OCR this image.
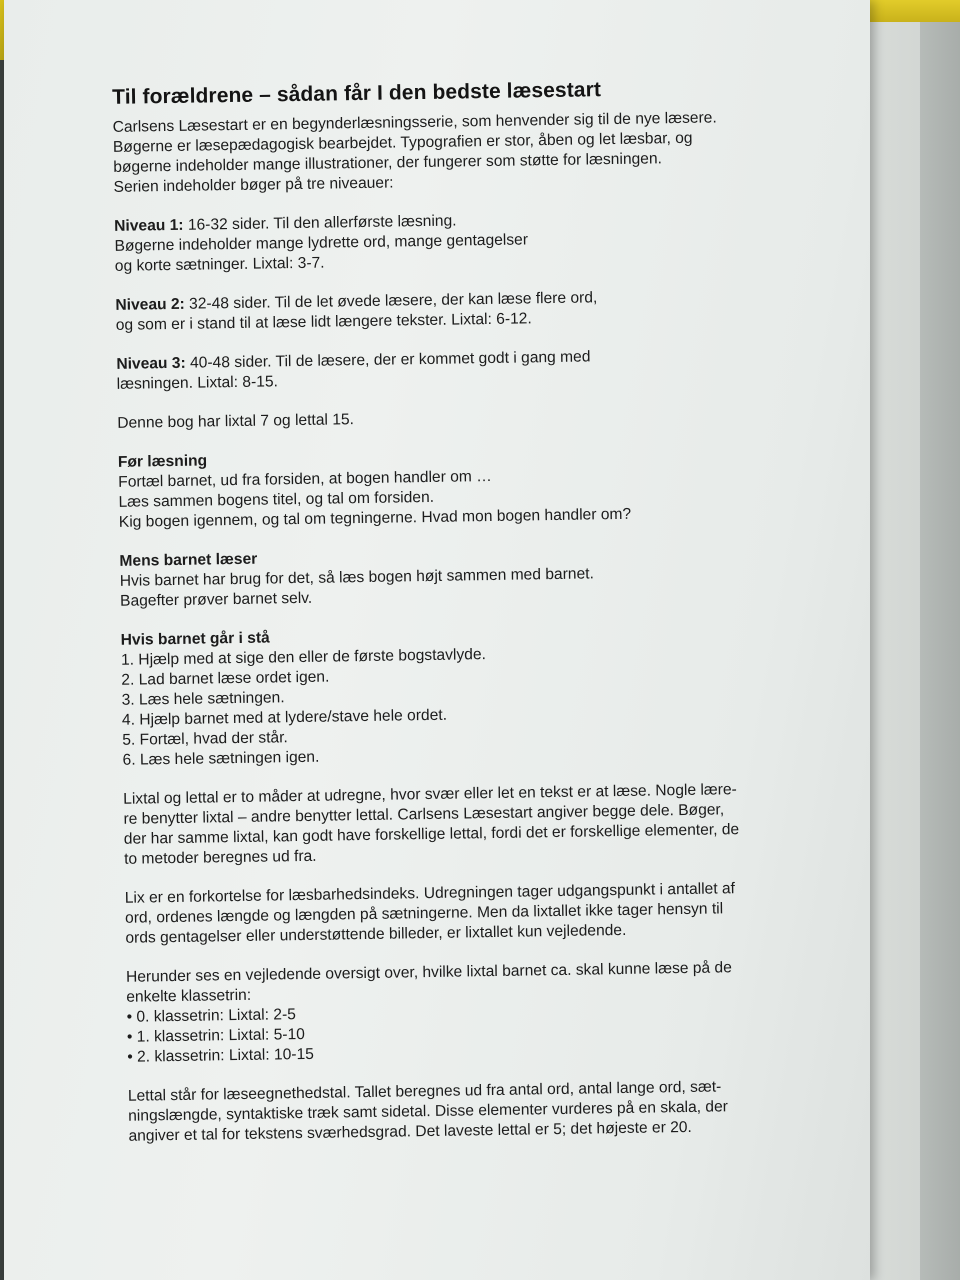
Til forældrene – sådan får I den bedste læsestart
Carlsens Læsestart er en begynderlæsningsserie, som henvender sig til de nye læsere.
Bøgerne er læsepædagogisk bearbejdet. Typografien er stor, åben og let læsbar, og
bøgerne indeholder mange illustrationer, der fungerer som støtte for læsningen.
Serien indeholder bøger på tre niveauer:
Niveau 1: 16-32 sider. Til den allerførste læsning.
Bøgerne indeholder mange lydrette ord, mange gentagelser
og korte sætninger. Lixtal: 3-7.
Niveau 2: 32-48 sider. Til de let øvede læsere, der kan læse flere ord,
og som er i stand til at læse lidt længere tekster. Lixtal: 6-12.
Niveau 3: 40-48 sider. Til de læsere, der er kommet godt i gang med
læsningen. Lixtal: 8-15.
Denne bog har lixtal 7 og lettal 15.
Før læsning
Fortæl barnet, ud fra forsiden, at bogen handler om …
Læs sammen bogens titel, og tal om forsiden.
Kig bogen igennem, og tal om tegningerne. Hvad mon bogen handler om?
Mens barnet læser
Hvis barnet har brug for det, så læs bogen højt sammen med barnet.
Bagefter prøver barnet selv.
Hvis barnet går i stå
1. Hjælp med at sige den eller de første bogstavlyde.
2. Lad barnet læse ordet igen.
3. Læs hele sætningen.
4. Hjælp barnet med at lydere/stave hele ordet.
5. Fortæl, hvad der står.
6. Læs hele sætningen igen.
Lixtal og lettal er to måder at udregne, hvor svær eller let en tekst er at læse. Nogle lære-
re benytter lixtal – andre benytter lettal. Carlsens Læsestart angiver begge dele. Bøger,
der har samme lixtal, kan godt have forskellige lettal, fordi det er forskellige elementer, de
to metoder beregnes ud fra.
Lix er en forkortelse for læsbarhedsindeks. Udregningen tager udgangspunkt i antallet af
ord, ordenes længde og længden på sætningerne. Men da lixtallet ikke tager hensyn til
ords gentagelser eller understøttende billeder, er lixtallet kun vejledende.
Herunder ses en vejledende oversigt over, hvilke lixtal barnet ca. skal kunne læse på de
enkelte klassetrin:
• 0. klassetrin: Lixtal: 2-5
• 1. klassetrin: Lixtal: 5-10
• 2. klassetrin: Lixtal: 10-15
Lettal står for læseegnethedstal. Tallet beregnes ud fra antal ord, antal lange ord, sæt-
ningslængde, syntaktiske træk samt sidetal. Disse elementer vurderes på en skala, der
angiver et tal for tekstens sværhedsgrad. Det laveste lettal er 5; det højeste er 20.
